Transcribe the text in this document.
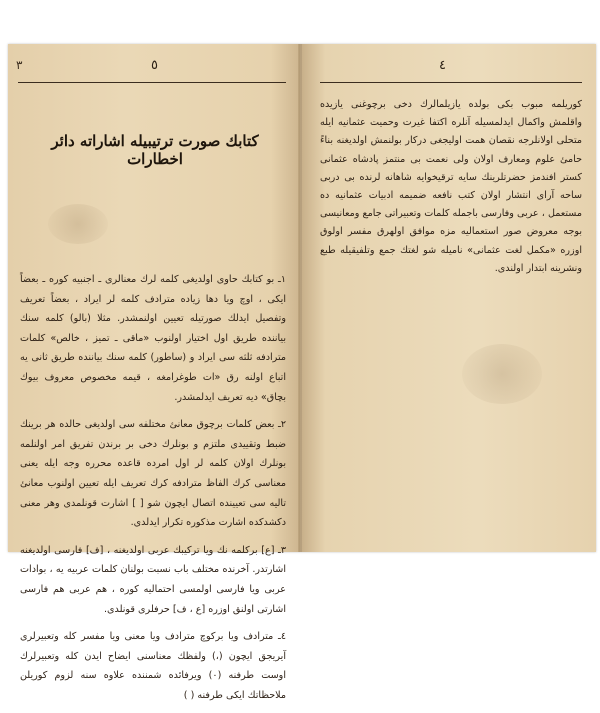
٣	٥
كتابك صورت ترتيبيله اشاراته دائر اخطارات

١ـ بو كتابك حاوى اولديغى كلمه لرك معنالرى ـ اجنبيه كوره ـ بعضاً ايكى ، اوچ ويا دها زياده مترادف كلمه لر ايراد ، بعضاً تعريف وتفصيل ايدلك صورتيله تعيين اولنمشدر. مثلا (بالو) كلمه سنك بياننده طريق اول اختيار اولنوب «ماقى ـ تميز ، خالص» كلمات مترادفه ثلثه سى ايراد و (ساطور) كلمه سنك بياننده طريق ثانى يه اتباع اولنه رق «ات طوغرامغه ، قيمه مخصوص معروف بيوك بچاق» ديه تعريف ايدلمشدر.

٢ـ بعض كلمات برچوق معانئ مختلفه سى اولديغى حالده هر برينك ضبط وتقييدى ملتزم و بونلرك دخى بر برندن تفريق امر اولنلمه بونلرك اولان كلمه لر اول امرده قاعده محرره وجه ايله يعنى معناسى كرك الفاظ مترادفه كرك تعريف ايله تعيين اولنوب معانئ تاليه سى تعيينده اتصال ايچون شو [ ] اشارت قونلمدى وهر معنى دكشدكده اشارت مذكوره تكرار ايدلدى.

٣ـ [ع] بركلمه نك ويا تركيبك عربى اولديغنه ، [ف] فارسى اولديغنه اشارتدر. آخرنده مختلف باب نسبت بولنان كلمات عربيه يه ، بوادات عربى ويا فارسى اولمسى احتماليه كوره ، هم عربى هم فارسى اشارتى اولنق اوزره [ع ، ف] حرفلرى قونلدى.

٤ـ مترادف ويا بركوچ مترادف ويا معنى ويا مفسر كله وتعبيرلرى آيريجق ايچون (،) ولفظك معناسنى ايضاح ايدن كله وتعبيرلرك اوست طرفنه (٠) ويرفائده شمننده علاوه سنه لزوم كوريلن ملاحظاتك ايكى طرفنه ( )

٤

كوريلمه مبوب بكى بولده يازيلمالرك دخى برچوغنى يازيده واقلمش واكمال ايدلمسيله آنلره اكتفا غيرت وحميت عثمانيه ايله متحلى اولانلرجه نقصان همت اوليجغى دركار بولنمش اولديغنه بناءً حامئ علوم ومعارف اولان ولى نعمت بى منتمز پادشاه عثمانى كستر افندمز حضرتلرينك سايه ترقيخوايه شاهانه لرنده بى دربى ساحه آراى انتشار اولان كتب نافعه ضميمه ادبيات عثمانيه ده مستعمل ، عربى وفارسى باجمله كلمات وتعبيراتى جامع ومعانيسى بوجه معروض صور استعماليه مزه موافق اولهرق مفسر اولوق اوزره «مكمل لغت عثمانى» ناميله شو لغتك جمع وتلفيقيله طبع ونشرينه ابتدار اولندى.
